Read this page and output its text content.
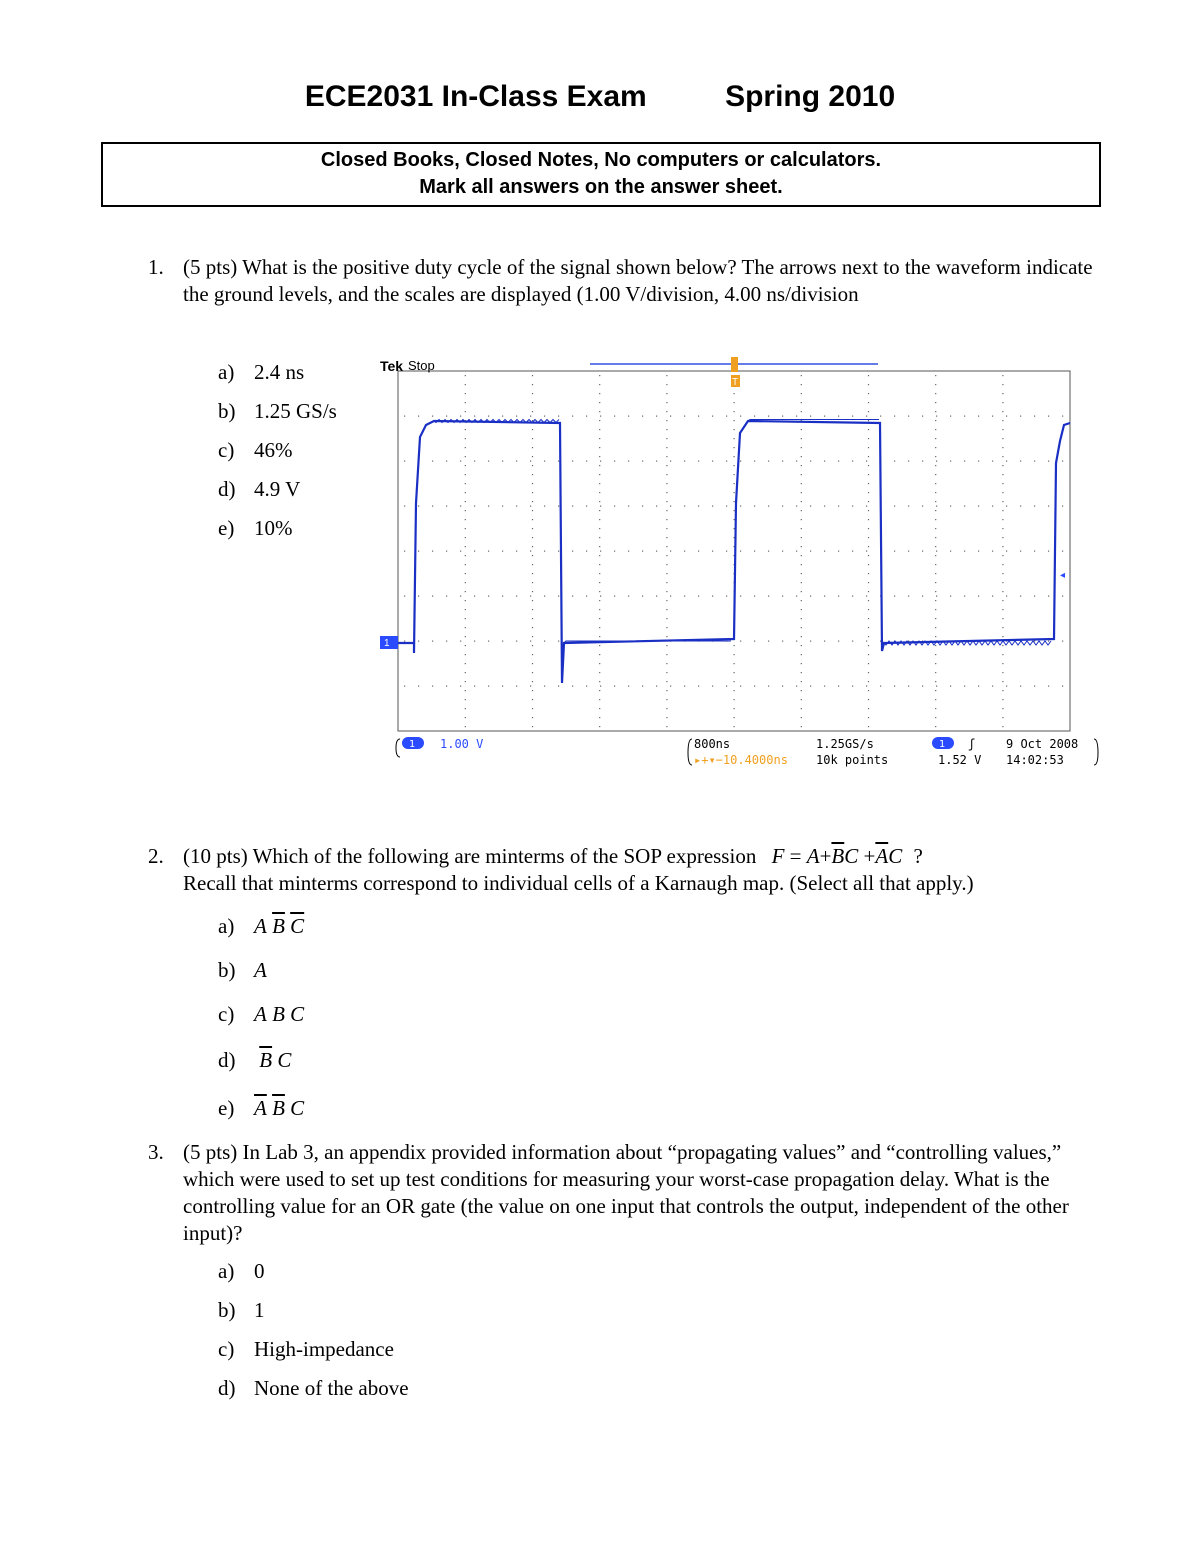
ECE2031 In-Class Exam	Spring 2010
Closed Books, Closed Notes, No computers or calculators.
Mark all answers on the answer sheet.
1. (5 pts) What is the positive duty cycle of the signal shown below? The arrows next to the waveform indicate the ground levels, and the scales are displayed (1.00 V/division, 4.00 ns/division
a) 2.4 ns
b) 1.25 GS/s
c) 46%
d) 4.9 V
e) 10%
Tek Stop
T
1
◂
1 1.00 V	800ns	1.25GS/s	1 ʃ	9 Oct 2008
▸+▾−10.4000ns 10k points	1.52 V 14:02:53
2. (10 pts) Which of the following are minterms of the SOP expression $F = A+\overline{B}C +\overline{A}C$ ?
Recall that minterms correspond to individual cells of a Karnaugh map. (Select all that apply.)
a) A $\overline{B}$ $\overline{C}$
b) A
c) A B C
d) $\overline{B}$ C
e) $\overline{A}$ $\overline{B}$ C
3. (5 pts) In Lab 3, an appendix provided information about “propagating values” and “controlling values,” which were used to set up test conditions for measuring your worst-case propagation delay. What is the controlling value for an OR gate (the value on one input that controls the output, independent of the other input)?
a) 0
b) 1
c) High-impedance
d) None of the above
